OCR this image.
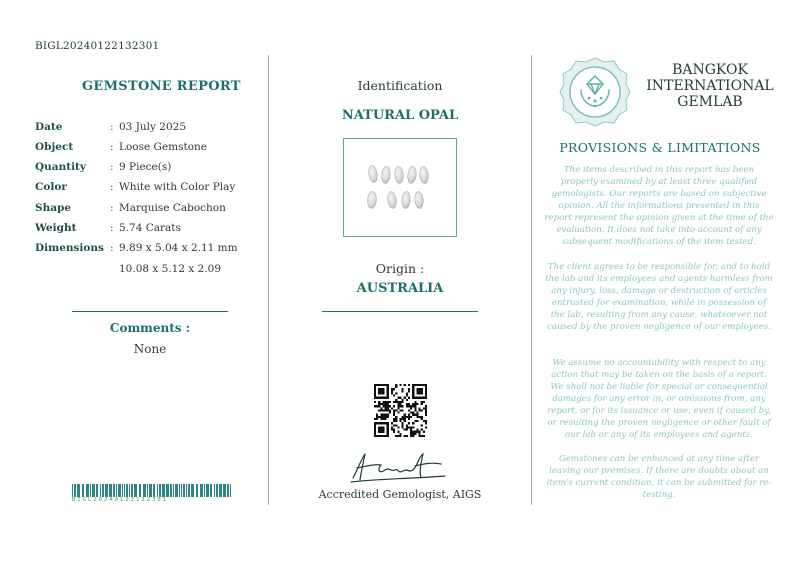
BIGL20240122132301
GEMSTONE REPORT
Date	: 03 July 2025
Object	: Loose Gemstone
Quantity	: 9 Piece(s)
Color	: White with Color Play
Shape	: Marquise Cabochon
Weight	: 5.74 Carats
Dimensions : 9.89 x 5.04 x 2.11 mm
10.08 x 5.12 x 2.09
Comments :
None
BIGL20240122132301
Identification
NATURAL OPAL
Origin :
AUSTRALIA
Accredited Gemologist, AIGS
BANGKOK
INTERNATIONAL
GEMLAB
PROVISIONS & LIMITATIONS
The items described in this report has been properly examined by at least three qualified gemologists. Our reports are based on subjective opinion. All the informations presented in this report represent the opinion given at the time of the evaluation. It does not take into account of any subsequent modifications of the item tested.
The client agrees to be responsible for, and to hold the lab and its employees and agents harmless from any injury, loss, damage or destruction of articles entrusted for examination, while in possession of the lab, resulting from any cause, whatsoever not caused by the proven negligence of our employees.
We assume no accountability with respect to any action that may be taken on the basis of a report. We shall not be liable for special or consequential damages for any error in, or omissions from, any report, or for its issuance or use, even if caused by, or resulting the proven negligence or other fault of our lab or any of its employees and agents.
Gemstones can be enhanced at any time after leaving our premises. If there are doubts about an item's current condition, it can be submitted for re-testing.
